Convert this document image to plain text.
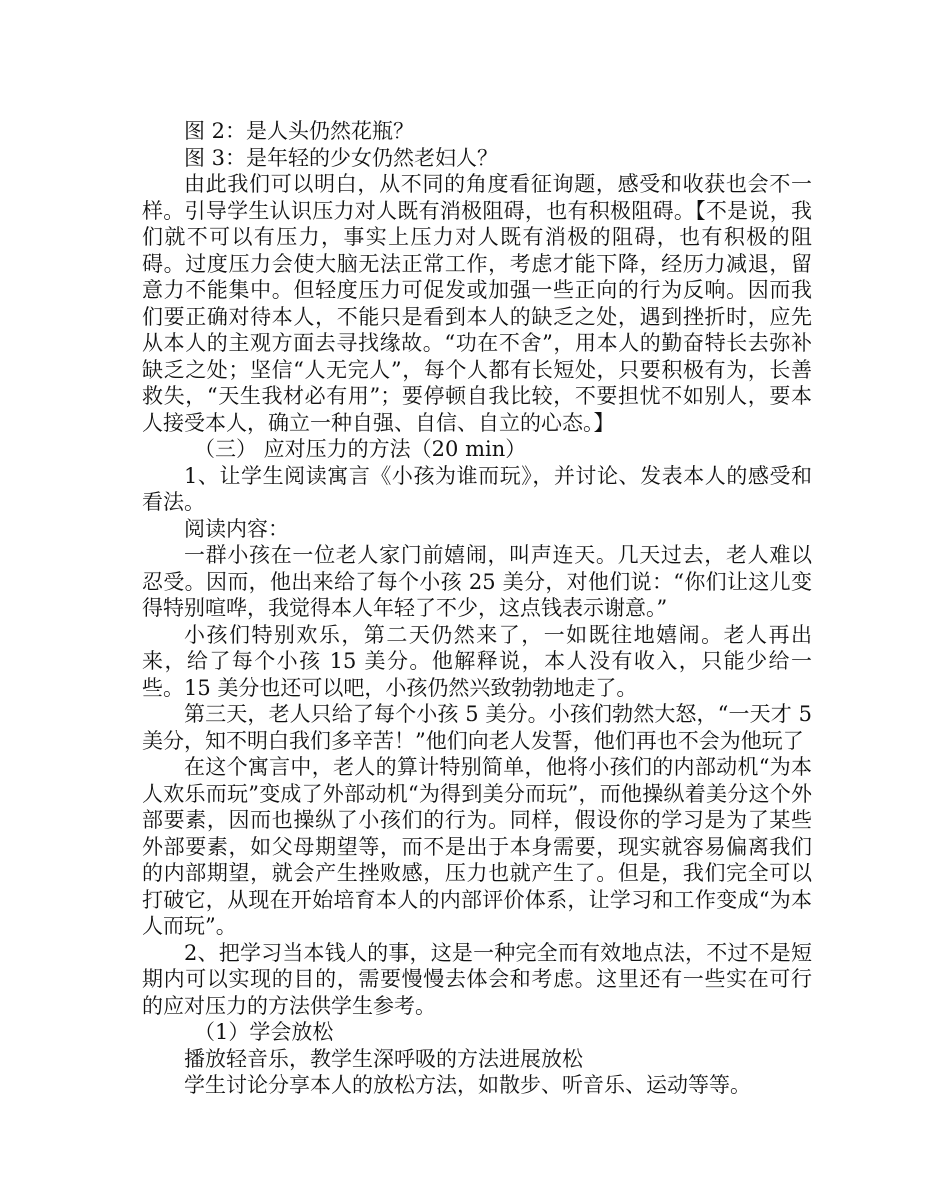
图 2：是人头仍然花瓶？

图 3：是年轻的少女仍然老妇人？

由此我们可以明白，从不同的角度看征询题，感受和收获也会不一样。引导学生认识压力对人既有消极阻碍，也有积极阻碍。【不是说，我们就不可以有压力，事实上压力对人既有消极的阻碍，也有积极的阻碍。过度压力会使大脑无法正常工作，考虑才能下降，经历力减退，留意力不能集中。但轻度压力可促发或加强一些正向的行为反响。因而我们要正确对待本人，不能只是看到本人的缺乏之处，遇到挫折时，应先从本人的主观方面去寻找缘故。“功在不舍”，用本人的勤奋特长去弥补缺乏之处；坚信“人无完人”，每个人都有长短处，只要积极有为，长善救失，“天生我材必有用”；要停顿自我比较，不要担忧不如别人，要本人接受本人，确立一种自强、自信、自立的心态。】

（三） 应对压力的方法（20 min）

1、让学生阅读寓言《小孩为谁而玩》，并讨论、发表本人的感受和看法。

阅读内容：

一群小孩在一位老人家门前嬉闹，叫声连天。几天过去，老人难以忍受。因而，他出来给了每个小孩 25 美分，对他们说：“你们让这儿变得特别喧哗，我觉得本人年轻了不少，这点钱表示谢意。”

小孩们特别欢乐，第二天仍然来了，一如既往地嬉闹。老人再出来，给了每个小孩 15 美分。他解释说，本人没有收入，只能少给一些。15 美分也还可以吧，小孩仍然兴致勃勃地走了。

第三天，老人只给了每个小孩 5 美分。小孩们勃然大怒，“一天才 5 美分，知不明白我们多辛苦！”他们向老人发誓，他们再也不会为他玩了

在这个寓言中，老人的算计特别简单，他将小孩们的内部动机“为本人欢乐而玩”变成了外部动机“为得到美分而玩”，而他操纵着美分这个外部要素，因而也操纵了小孩们的行为。同样，假设你的学习是为了某些外部要素，如父母期望等，而不是出于本身需要，现实就容易偏离我们的内部期望，就会产生挫败感，压力也就产生了。但是，我们完全可以打破它，从现在开始培育本人的内部评价体系，让学习和工作变成“为本人而玩”。

2、把学习当本钱人的事，这是一种完全而有效地点法，不过不是短期内可以实现的目的，需要慢慢去体会和考虑。这里还有一些实在可行的应对压力的方法供学生参考。

（1）学会放松

播放轻音乐，教学生深呼吸的方法进展放松

学生讨论分享本人的放松方法，如散步、听音乐、运动等等。
